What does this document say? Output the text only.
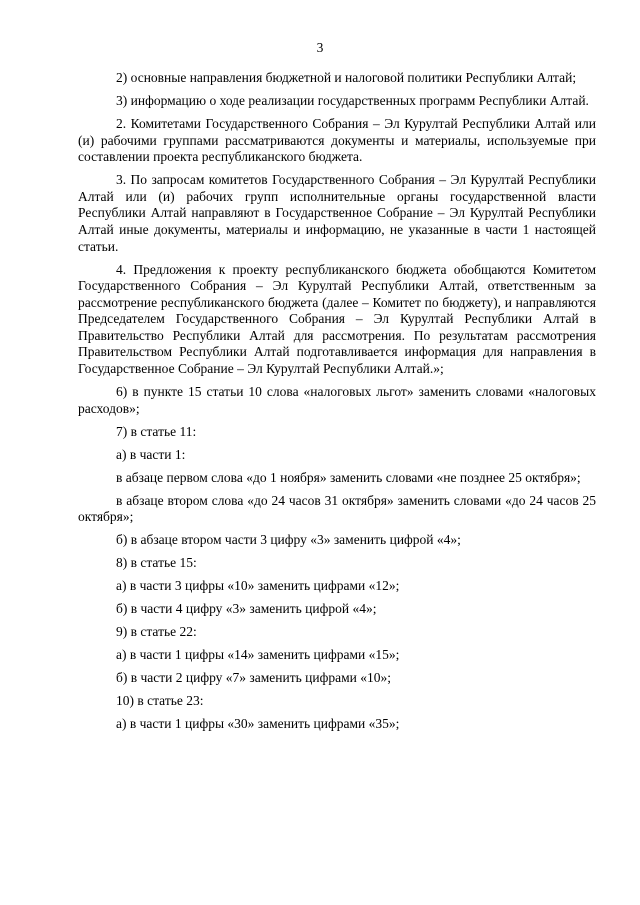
3

2) основные направления бюджетной и налоговой политики Республики Алтай;

3) информацию о ходе реализации государственных программ Республики Алтай.

2. Комитетами Государственного Собрания – Эл Курултай Республики Алтай или (и) рабочими группами рассматриваются документы и материалы, используемые при составлении проекта республиканского бюджета.

3. По запросам комитетов Государственного Собрания – Эл Курултай Республики Алтай или (и) рабочих групп исполнительные органы государственной власти Республики Алтай направляют в Государственное Собрание – Эл Курултай Республики Алтай иные документы, материалы и информацию, не указанные в части 1 настоящей статьи.

4. Предложения к проекту республиканского бюджета обобщаются Комитетом Государственного Собрания – Эл Курултай Республики Алтай, ответственным за рассмотрение республиканского бюджета (далее – Комитет по бюджету), и направляются Председателем Государственного Собрания – Эл Курултай Республики Алтай в Правительство Республики Алтай для рассмотрения. По результатам рассмотрения Правительством Республики Алтай подготавливается информация для направления в Государственное Собрание – Эл Курултай Республики Алтай.»;

6) в пункте 15 статьи 10 слова «налоговых льгот» заменить словами «налоговых расходов»;

7) в статье 11:

а) в части 1:

в абзаце первом слова «до 1 ноября» заменить словами «не позднее 25 октября»;

в абзаце втором слова «до 24 часов 31 октября» заменить словами «до 24 часов 25 октября»;

б) в абзаце втором части 3 цифру «3» заменить цифрой «4»;

8) в статье 15:

а) в части 3 цифры «10» заменить цифрами «12»;

б) в части 4 цифру «3» заменить цифрой «4»;

9) в статье 22:

а) в части 1 цифры «14» заменить цифрами «15»;

б) в части 2 цифру «7» заменить цифрами «10»;

10) в статье 23:

а) в части 1 цифры «30» заменить цифрами «35»;
